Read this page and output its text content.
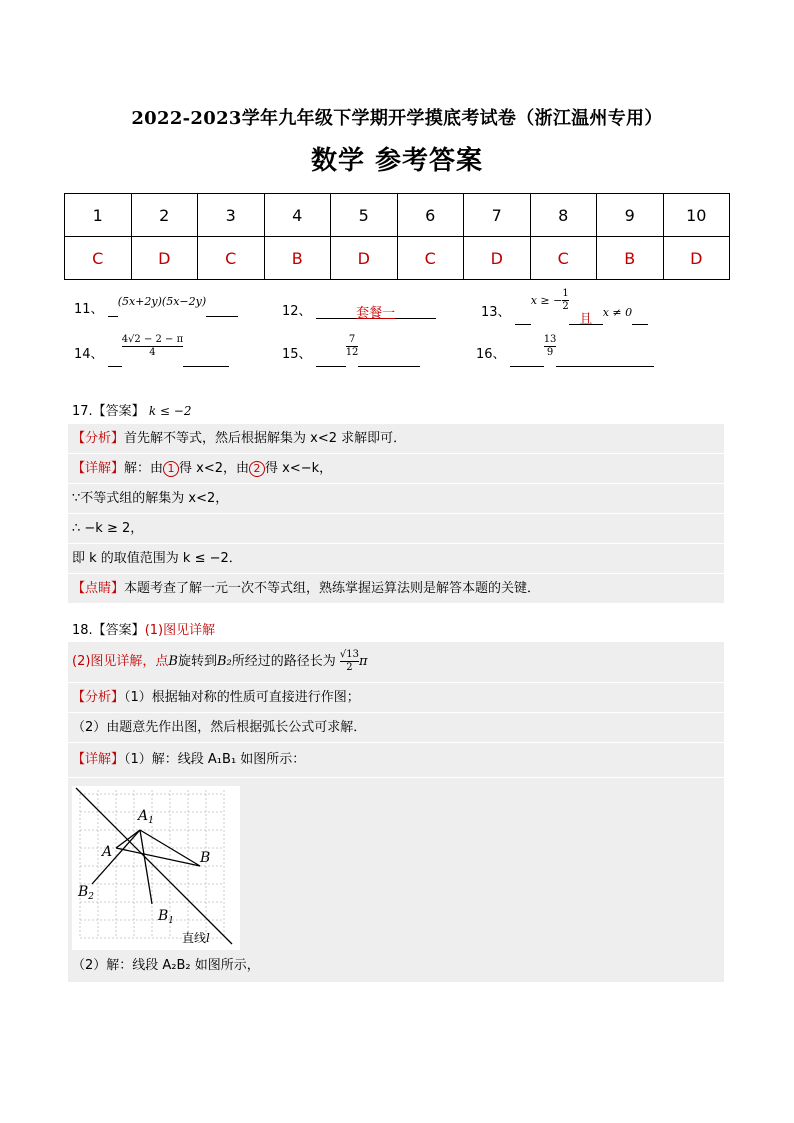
2022-2023学年九年级下学期开学摸底考试卷（浙江温州专用）
数学 参考答案
1	2	3	4	5	6	7	8	9	10
C	D	C	B	D	C	D	C	B	D
11、 $^{(5x+2y)(5x-2y)}$
12、	套餐一	13、 x ≥ − $\frac{1}{2}$
且 x ≠ 0
14、 $\frac{4√2 - 2 - \pi}{4}$	15、	$\frac{7}{12}$	16、	$\frac{13}{9}$
17.【答案】 k ≤ −2
【分析】首先解不等式，然后根据解集为 x<2 求解即可．
【详解】解：由 1 得 x<2，由 2 得 x<−k，
∵不等式组的解集为 x<2，
∴ −k ≥ 2，
即 k 的取值范围为 k ≤ −2．
【点睛】本题考查了解一元一次不等式组，熟练掌握运算法则是解答本题的关键．
18.【答案】(1)图见详解
(2)图见详解，点B旋转到B₂所经过的路径长为 $\frac{√13}{2}$ π
【分析】（1）根据轴对称的性质可直接进行作图；
（2）由题意先作出图，然后根据弧长公式可求解．
【详解】（1）解：线段 A₁B₁ 如图所示：
$A_1$
A	B
$B_2$
$B_1$
直线l
（2）解：线段 A₂B₂ 如图所示，
